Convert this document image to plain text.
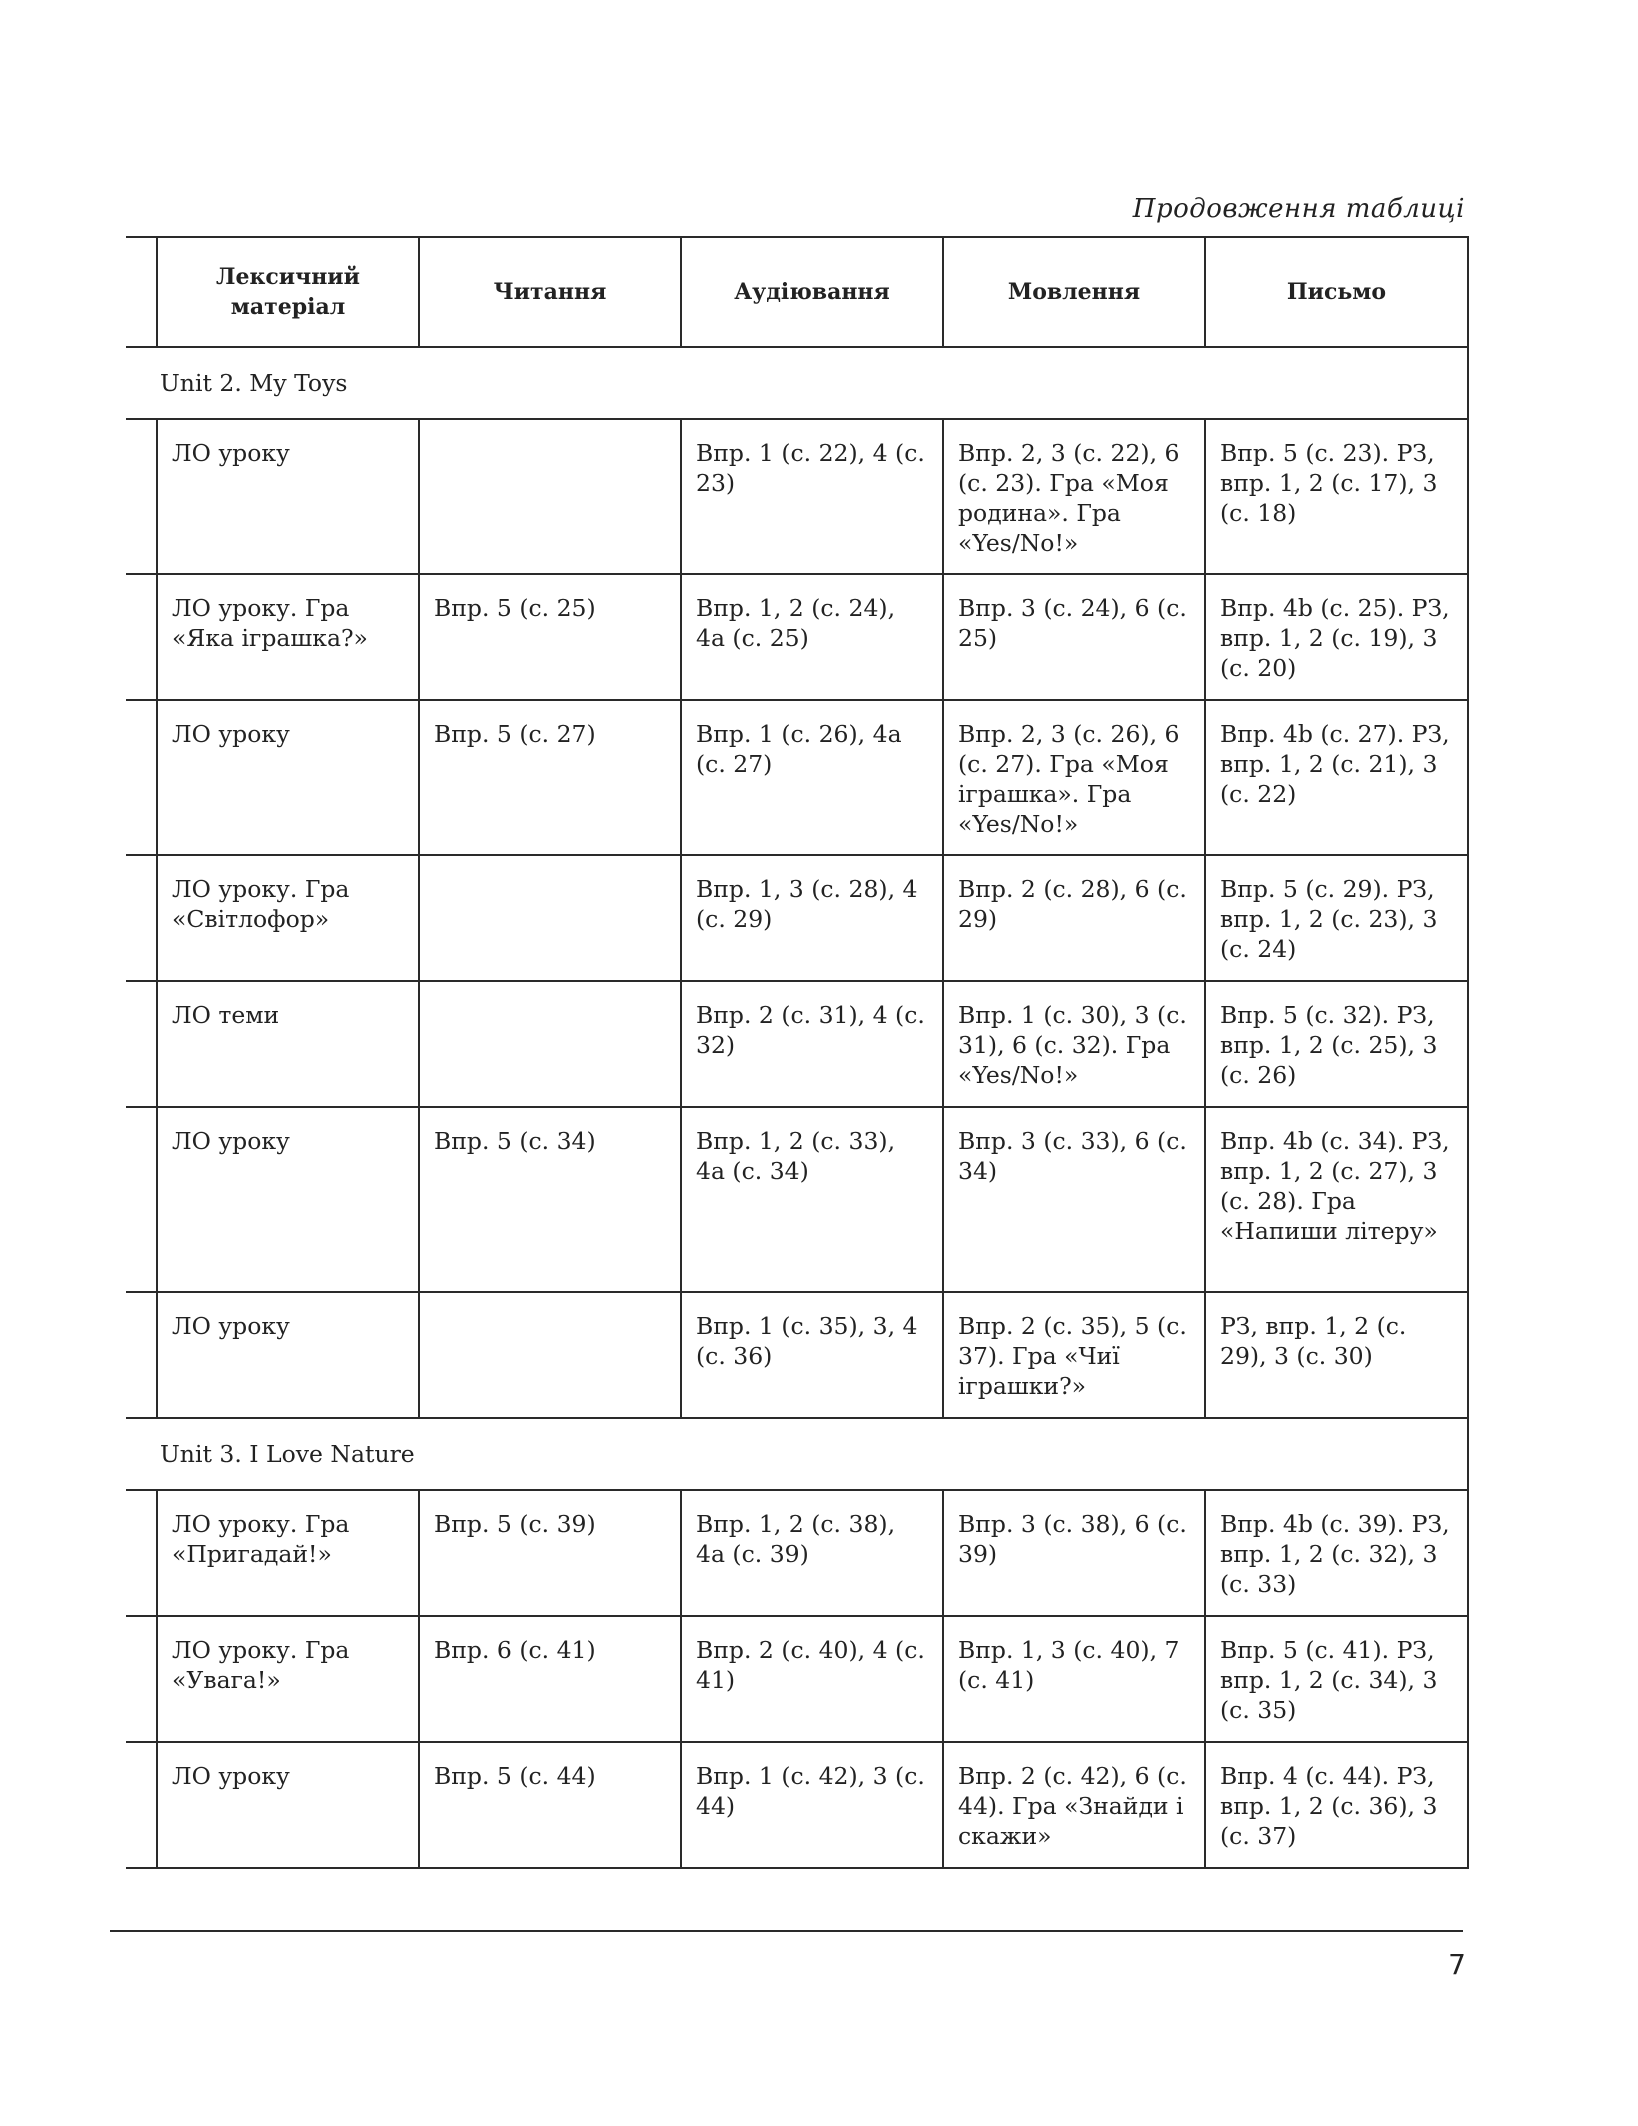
Продовження таблиці
	Лексичний матеріал	Читання	Аудіювання	Мовлення	Письмо
Unit 2. My Toys					
	ЛО уроку		Впр. 1 (с. 22), 4 (с. 23)	Впр. 2, 3 (с. 22), 6 (с. 23). Гра «Моя родина». Гра «Yes/No!»	Впр. 5 (с. 23). РЗ, впр. 1, 2 (с. 17), 3 (с. 18)
	ЛО уроку. Гра «Яка іграшка?»	Впр. 5 (с. 25)	Впр. 1, 2 (с. 24), 4a (с. 25)	Впр. 3 (с. 24), 6 (с. 25)	Впр. 4b (с. 25). РЗ, впр. 1, 2 (с. 19), 3 (с. 20)
	ЛО уроку	Впр. 5 (с. 27)	Впр. 1 (с. 26), 4a (с. 27)	Впр. 2, 3 (с. 26), 6 (с. 27). Гра «Моя іграшка». Гра «Yes/No!»	Впр. 4b (с. 27). РЗ, впр. 1, 2 (с. 21), 3 (с. 22)
	ЛО уроку. Гра «Світлофор»		Впр. 1, 3 (с. 28), 4 (с. 29)	Впр. 2 (с. 28), 6 (с. 29)	Впр. 5 (с. 29). РЗ, впр. 1, 2 (с. 23), 3 (с. 24)
	ЛО теми		Впр. 2 (с. 31), 4 (с. 32)	Впр. 1 (с. 30), 3 (с. 31), 6 (с. 32). Гра «Yes/No!»	Впр. 5 (с. 32). РЗ, впр. 1, 2 (с. 25), 3 (с. 26)
	ЛО уроку	Впр. 5 (с. 34)	Впр. 1, 2 (с. 33), 4a (с. 34)	Впр. 3 (с. 33), 6 (с. 34)	Впр. 4b (с. 34). РЗ, впр. 1, 2 (с. 27), 3 (с. 28). Гра «Напиши літеру»
	ЛО уроку		Впр. 1 (с. 35), 3, 4 (с. 36)	Впр. 2 (с. 35), 5 (с. 37). Гра «Чиї іграшки?»	РЗ, впр. 1, 2 (с. 29), 3 (с. 30)
Unit 3. I Love Nature					
	ЛО уроку. Гра «Пригадай!»	Впр. 5 (с. 39)	Впр. 1, 2 (с. 38), 4a (с. 39)	Впр. 3 (с. 38), 6 (с. 39)	Впр. 4b (с. 39). РЗ, впр. 1, 2 (с. 32), 3 (с. 33)
	ЛО уроку. Гра «Увага!»	Впр. 6 (с. 41)	Впр. 2 (с. 40), 4 (с. 41)	Впр. 1, 3 (с. 40), 7 (с. 41)	Впр. 5 (с. 41). РЗ, впр. 1, 2 (с. 34), 3 (с. 35)
	ЛО уроку	Впр. 5 (с. 44)	Впр. 1 (с. 42), 3 (с. 44)	Впр. 2 (с. 42), 6 (с. 44). Гра «Знайди і скажи»	Впр. 4 (с. 44). РЗ, впр. 1, 2 (с. 36), 3 (с. 37)
7
